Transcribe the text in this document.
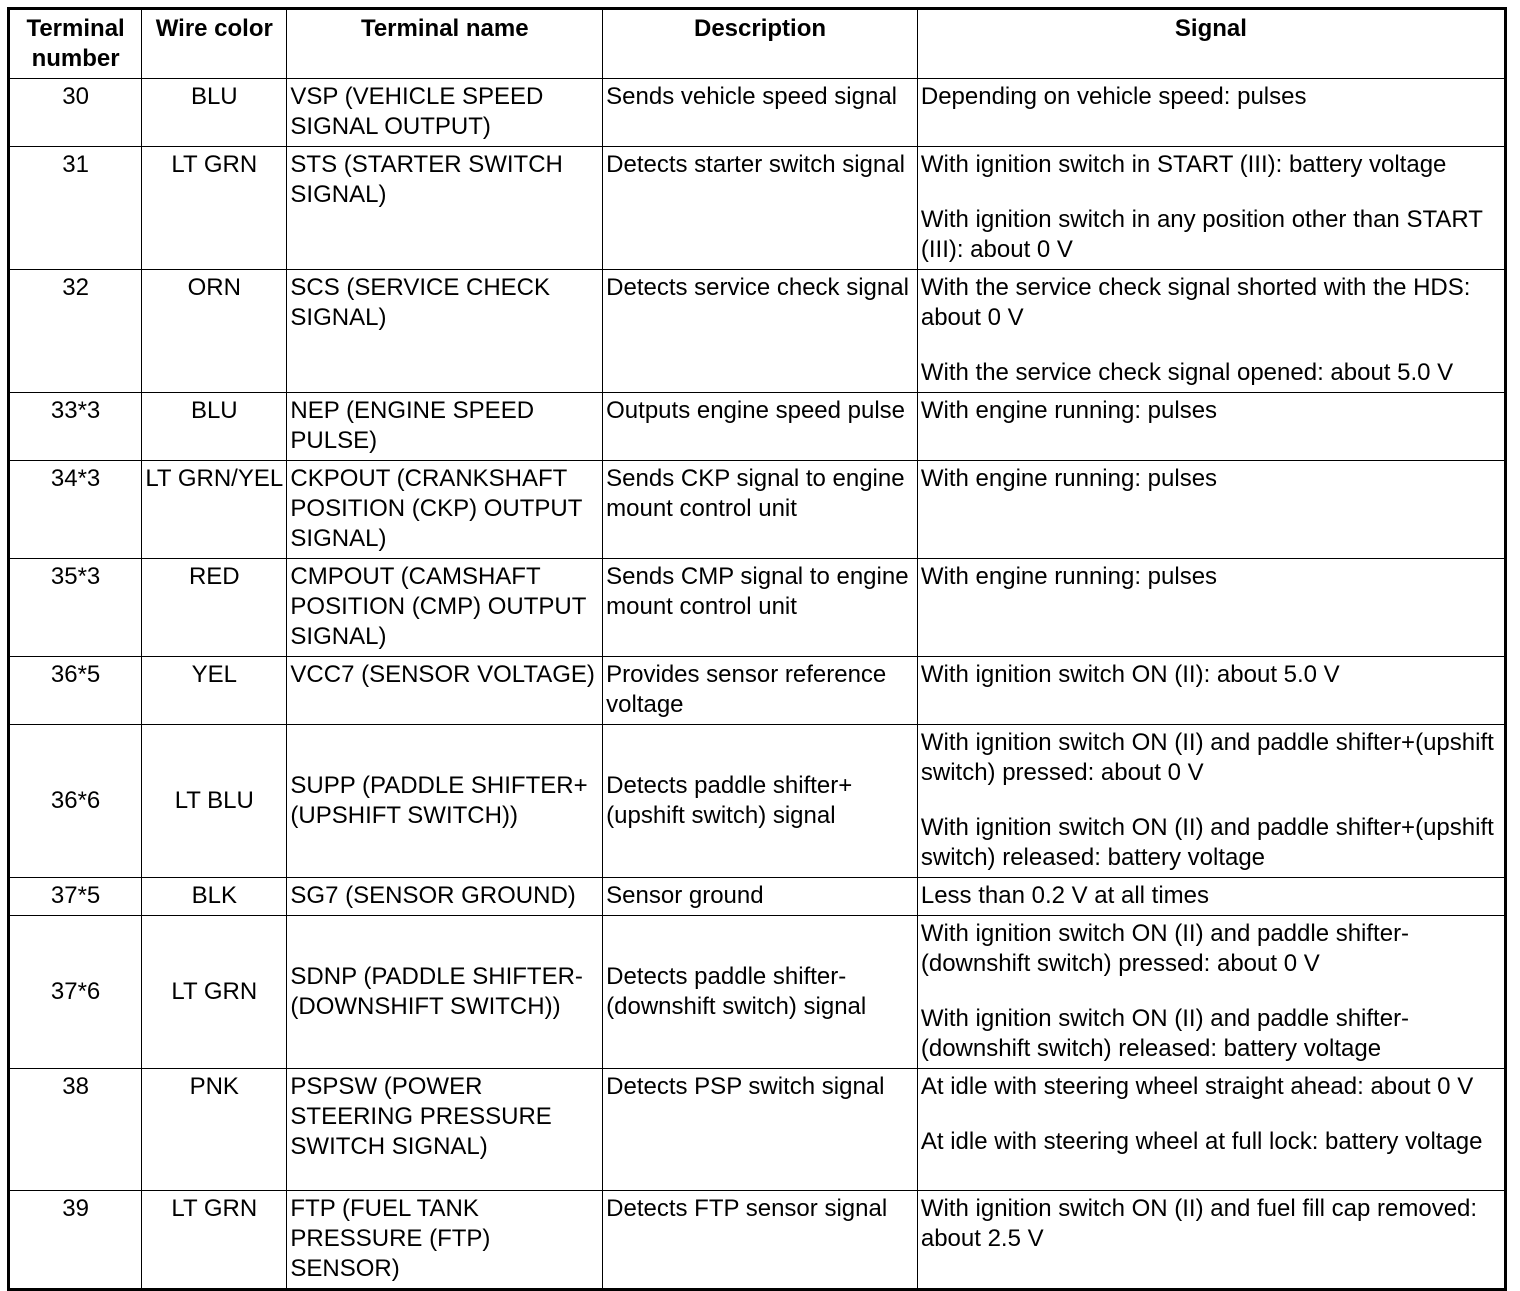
Terminal
number	Wire color	Terminal name	Description	Signal
30	BLU	VSP (VEHICLE SPEED SIGNAL OUTPUT)	Sends vehicle speed signal	Depending on vehicle speed: pulses

31	LT GRN	STS (STARTER SWITCH SIGNAL)	Detects starter switch signal	With ignition switch in START (III): battery voltage
With ignition switch in any position other than START (III): about 0 V

32	ORN	SCS (SERVICE CHECK SIGNAL)	Detects service check signal	With the service check signal shorted with the HDS: about 0 V
With the service check signal opened: about 5.0 V

33*3	BLU	NEP (ENGINE SPEED PULSE)	Outputs engine speed pulse	With engine running: pulses

34*3	LT GRN/YEL	CKPOUT (CRANKSHAFT POSITION (CKP) OUTPUT SIGNAL)	Sends CKP signal to engine mount control unit	With engine running: pulses

35*3	RED	CMPOUT (CAMSHAFT POSITION (CMP) OUTPUT SIGNAL)	Sends CMP signal to engine mount control unit	With engine running: pulses

36*5	YEL	VCC7 (SENSOR VOLTAGE)	Provides sensor reference voltage	With ignition switch ON (II): about 5.0 V

36*6	LT BLU	SUPP (PADDLE SHIFTER+ (UPSHIFT SWITCH))	Detects paddle shifter+ (upshift switch) signal	With ignition switch ON (II) and paddle shifter+(upshift switch) pressed: about 0 V
With ignition switch ON (II) and paddle shifter+(upshift switch) released: battery voltage

37*5	BLK	SG7 (SENSOR GROUND)	Sensor ground	Less than 0.2 V at all times

37*6	LT GRN	SDNP (PADDLE SHIFTER- (DOWNSHIFT SWITCH))	Detects paddle shifter- (downshift switch) signal	With ignition switch ON (II) and paddle shifter- (downshift switch) pressed: about 0 V
With ignition switch ON (II) and paddle shifter- (downshift switch) released: battery voltage

38	PNK	PSPSW (POWER STEERING PRESSURE SWITCH SIGNAL)	Detects PSP switch signal	At idle with steering wheel straight ahead: about 0 V
At idle with steering wheel at full lock: battery voltage

39	LT GRN	FTP (FUEL TANK PRESSURE (FTP) SENSOR)	Detects FTP sensor signal	With ignition switch ON (II) and fuel fill cap removed: about 2.5 V
